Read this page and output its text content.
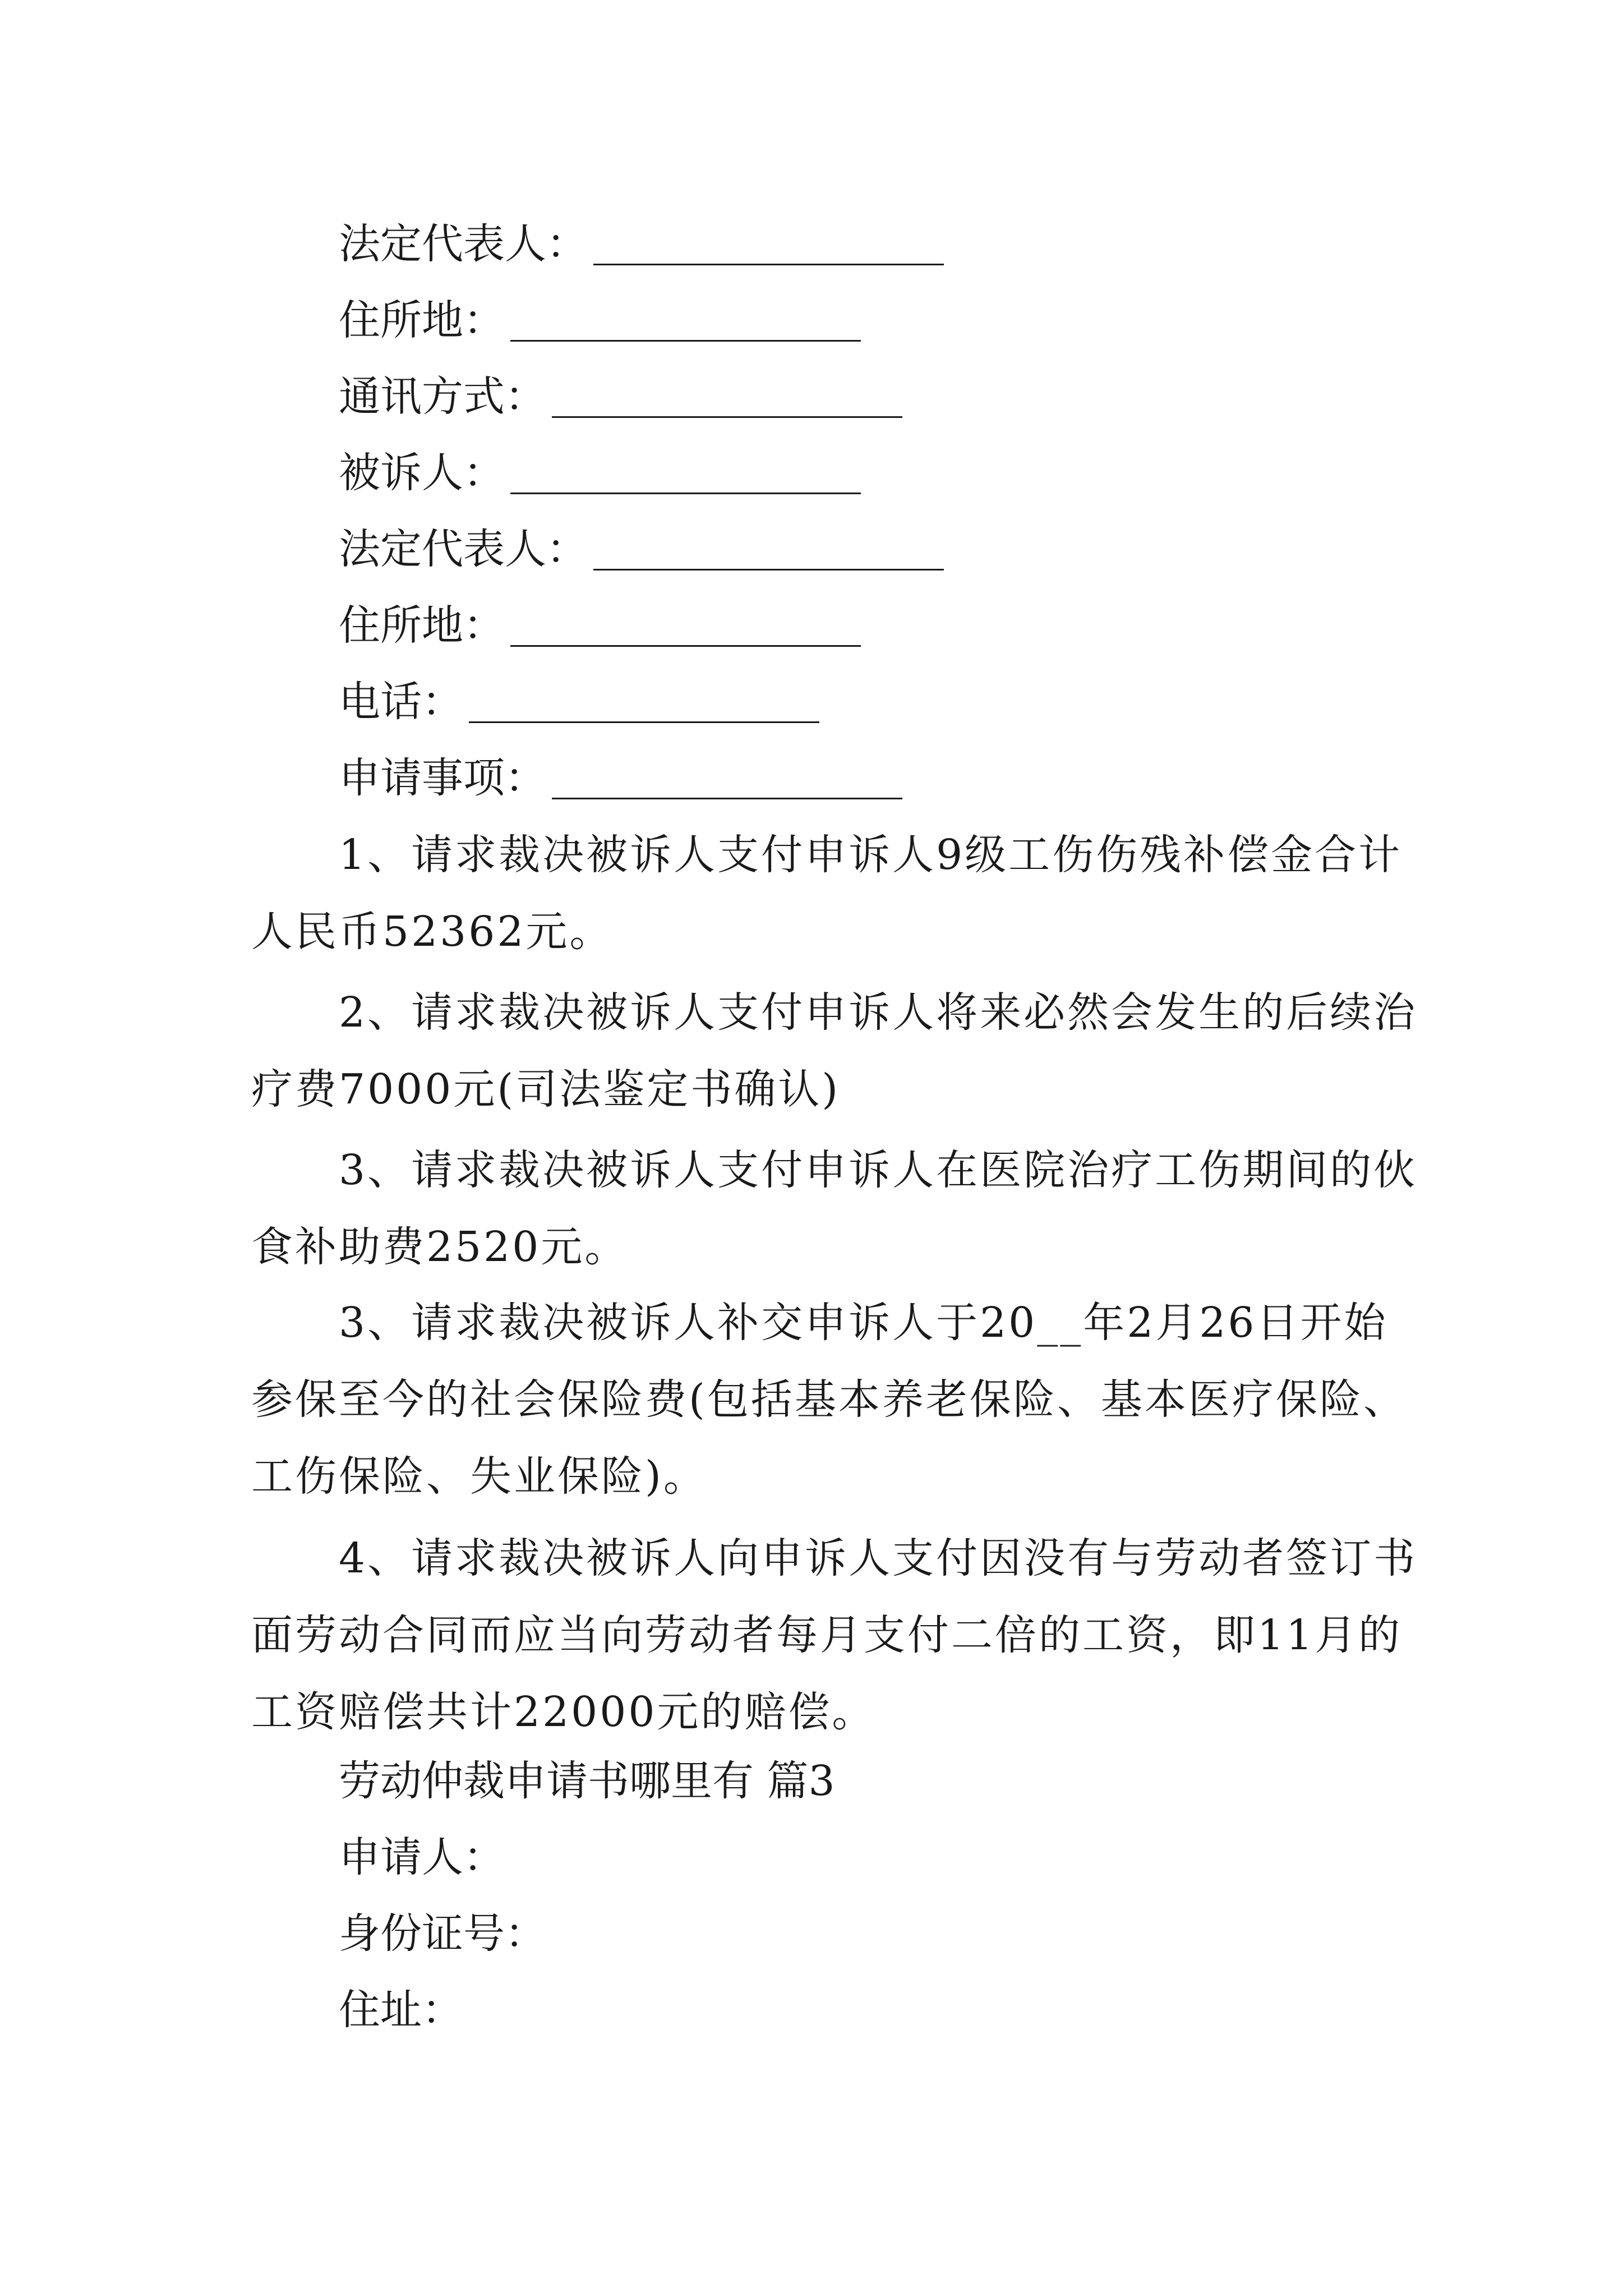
法定代表人：
住所地：
通讯方式：
被诉人：
法定代表人：
住所地：
电话：
申请事项：
1、请求裁决被诉人支付申诉人9级工伤伤残补偿金合计人民币52362元。
2、请求裁决被诉人支付申诉人将来必然会发生的后续治疗费7000元(司法鉴定书确认)
3、请求裁决被诉人支付申诉人在医院治疗工伤期间的伙食补助费2520元。
3、请求裁决被诉人补交申诉人于20__年2月26日开始参保至今的社会保险费(包括基本养老保险、基本医疗保险、工伤保险、失业保险)。
4、请求裁决被诉人向申诉人支付因没有与劳动者签订书面劳动合同而应当向劳动者每月支付二倍的工资，即11月的工资赔偿共计22000元的赔偿。
劳动仲裁申请书哪里有 篇3
申请人：
身份证号：
住址：
